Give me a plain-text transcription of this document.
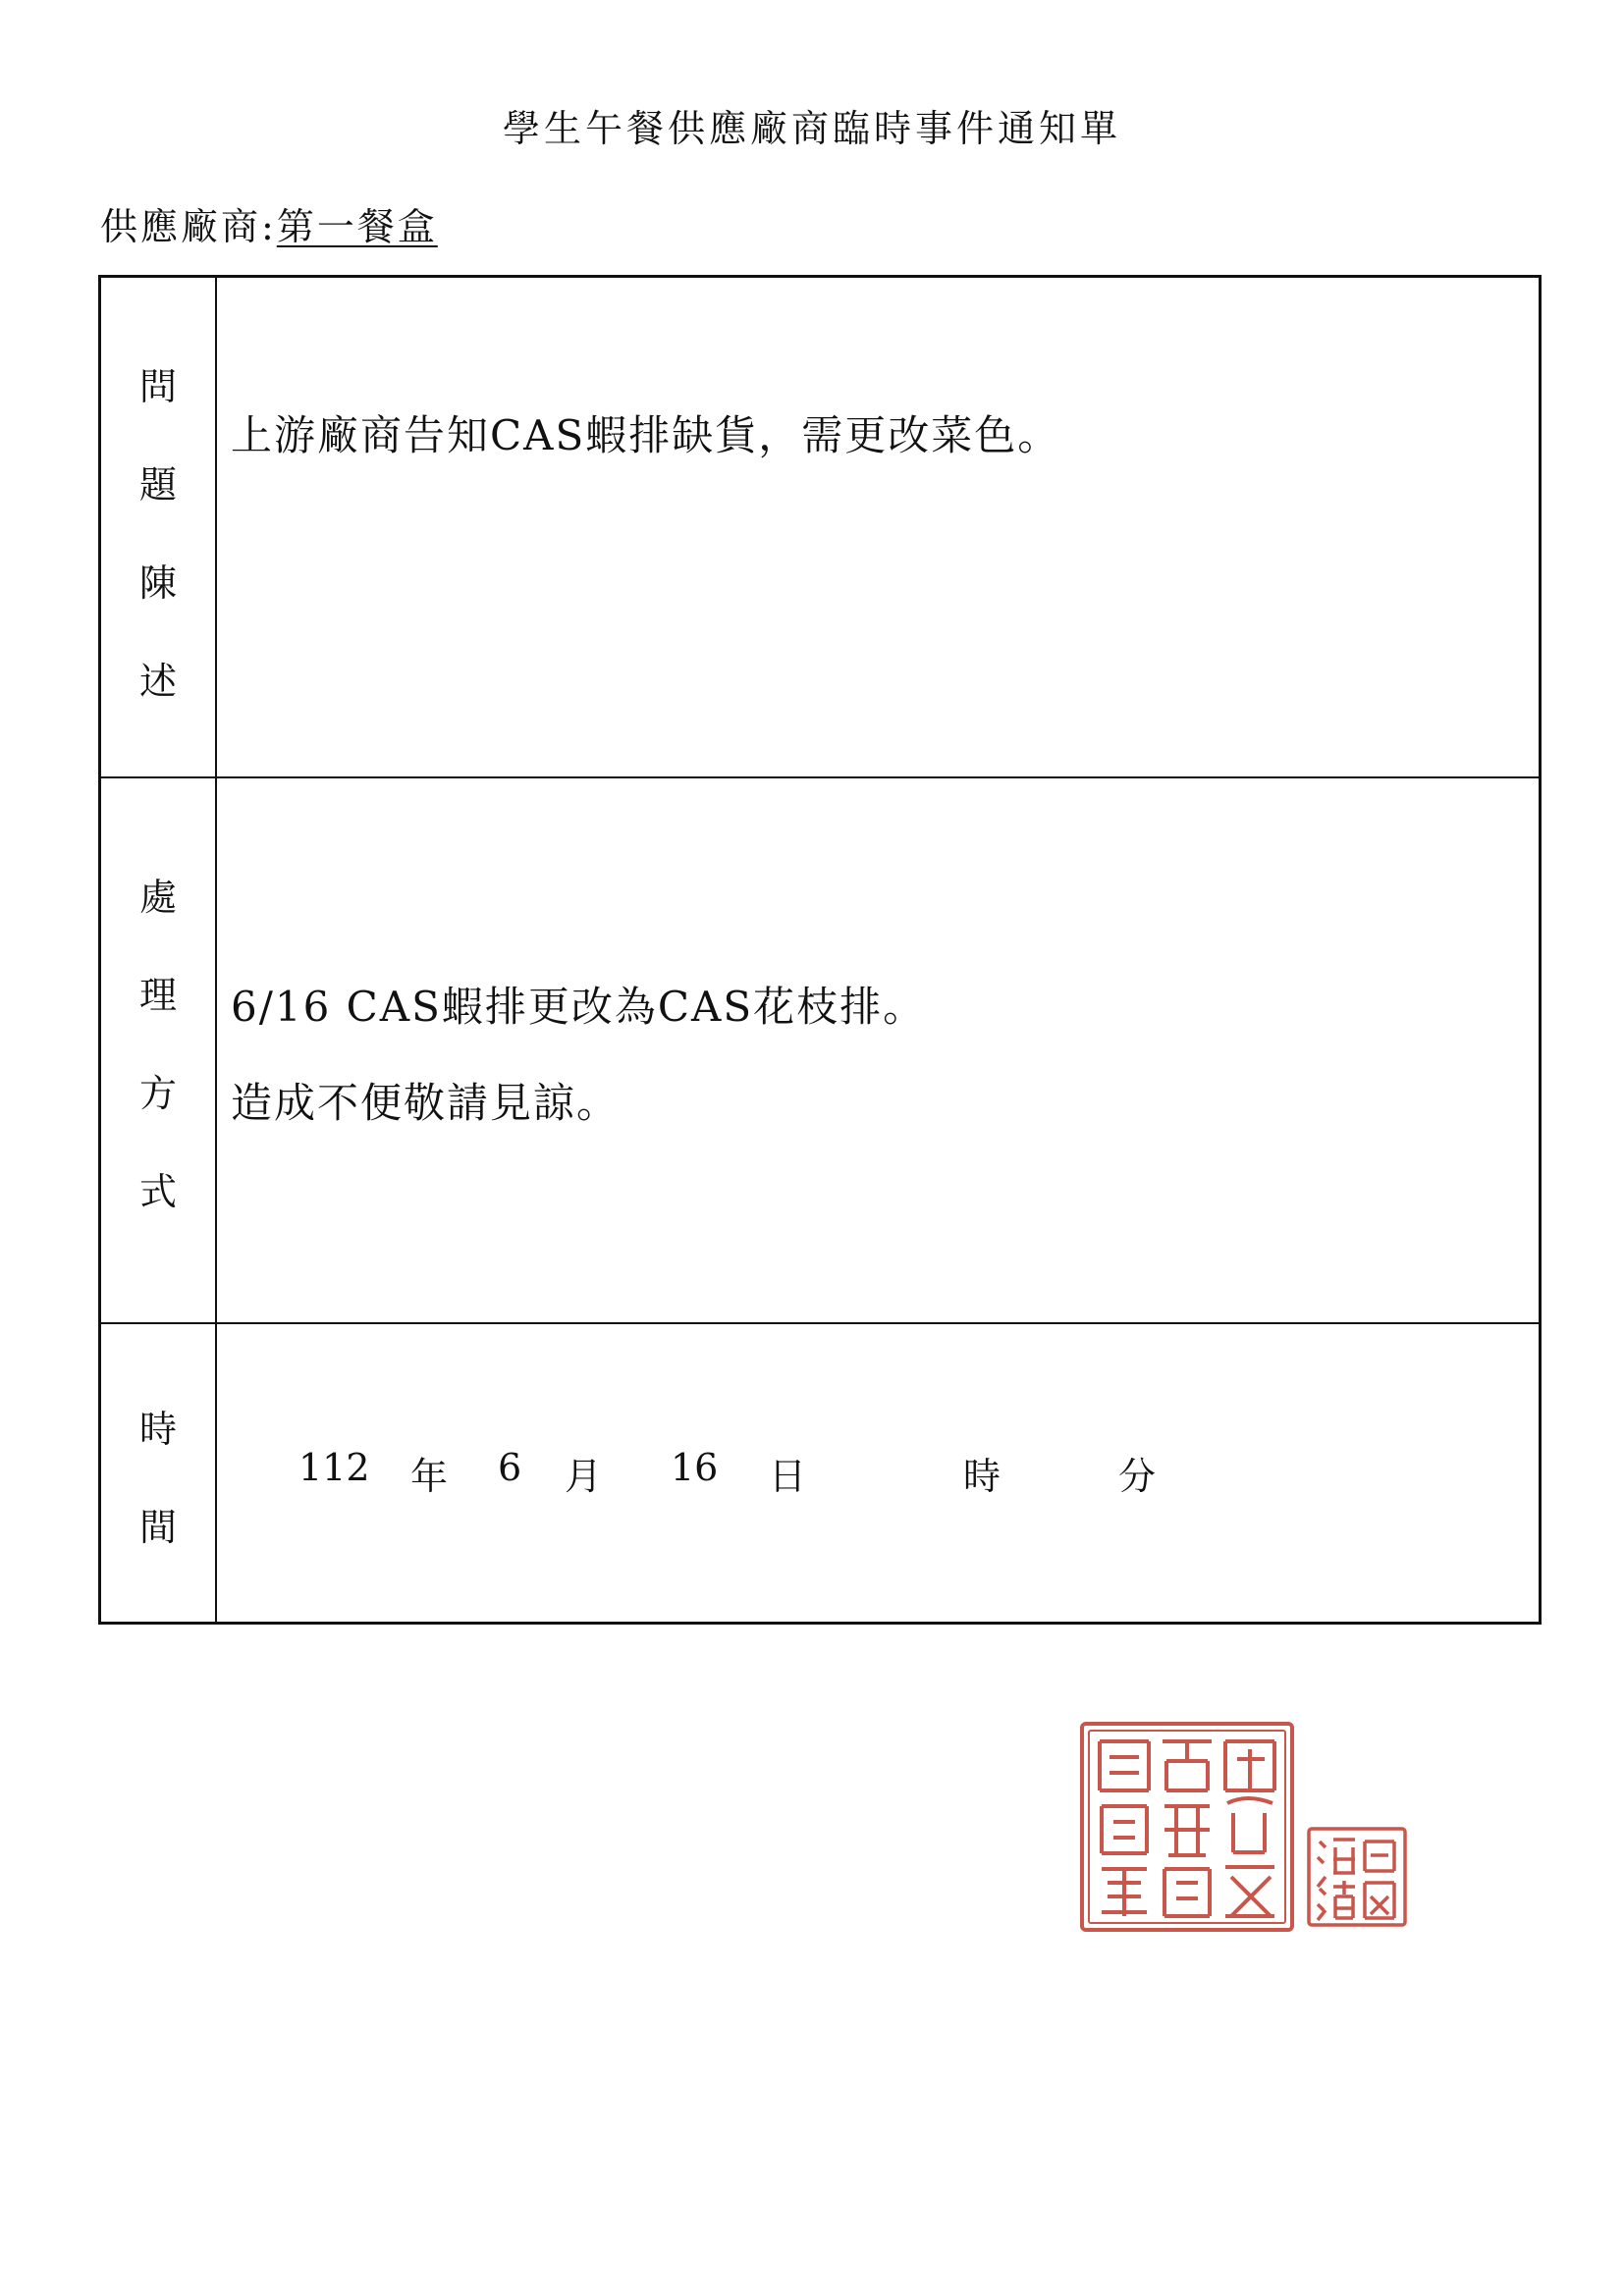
學生午餐供應廠商臨時事件通知單
供應廠商:第一餐盒
問
題
陳
述
上游廠商告知CAS蝦排缺貨，需更改菜色。
處
理
方
式
6/16 CAS蝦排更改為CAS花枝排。
造成不便敬請見諒。
時
間
112 年 6 月 16 日	時	分
